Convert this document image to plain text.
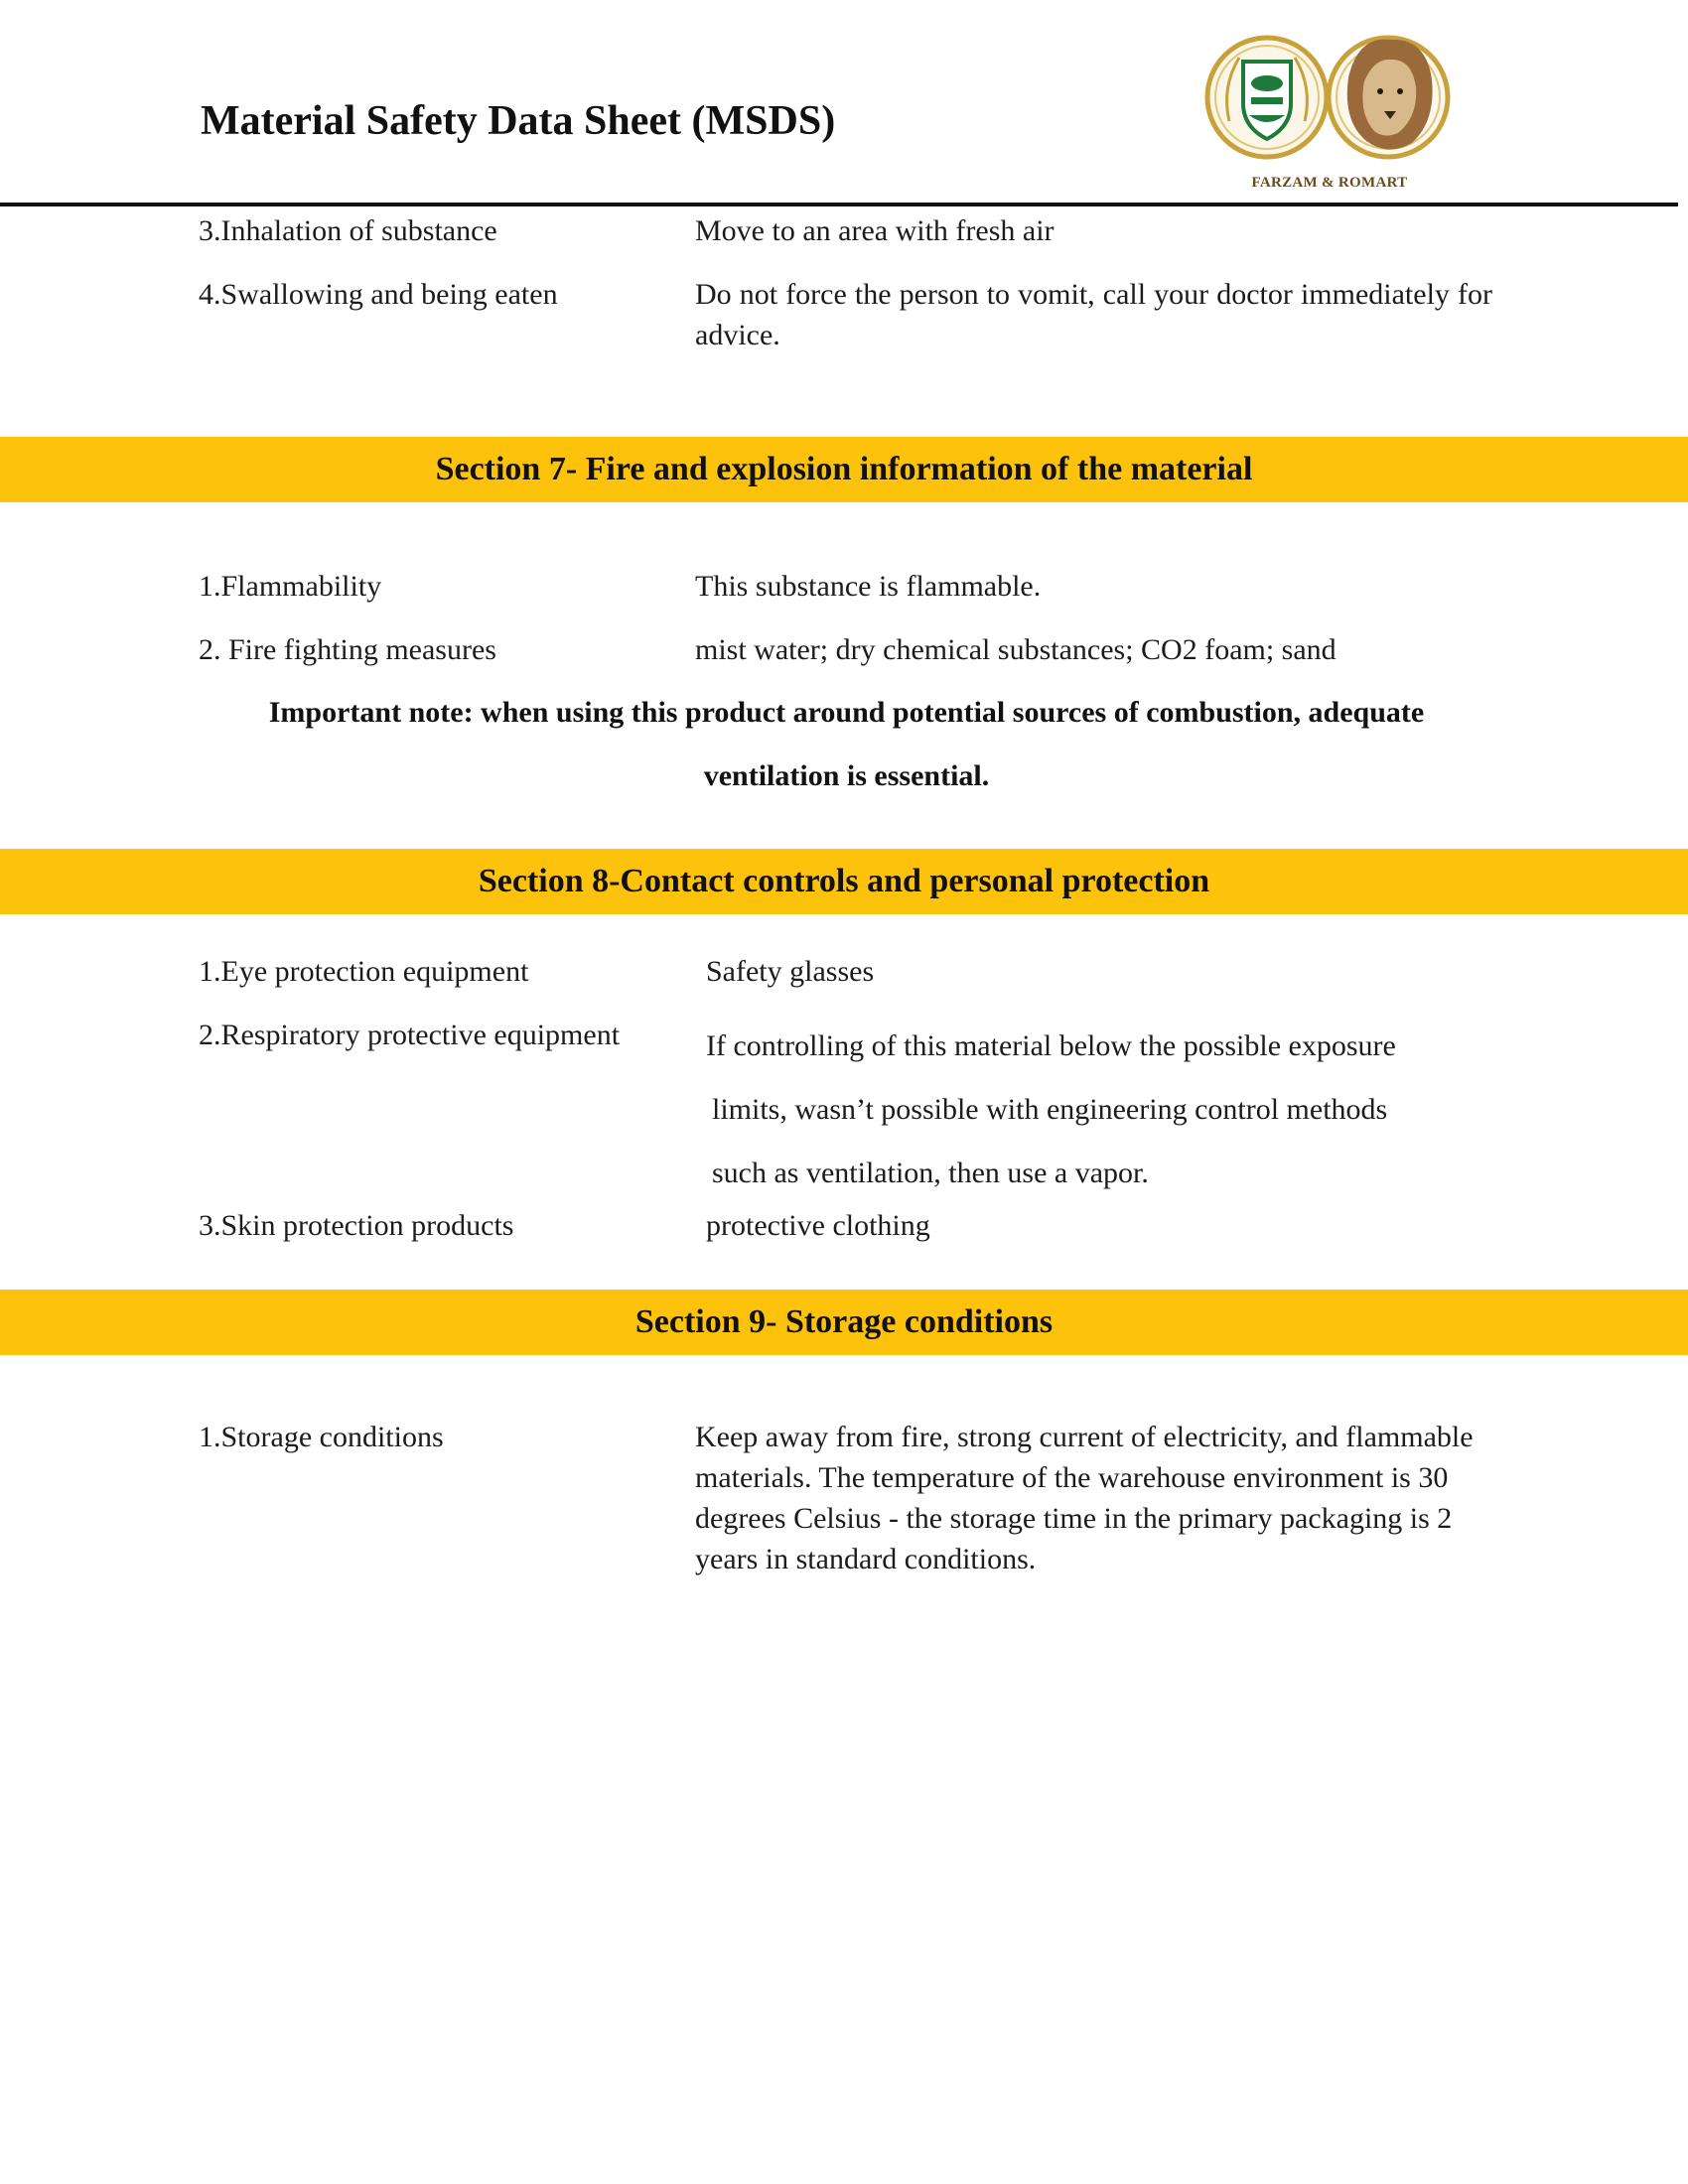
Material Safety Data Sheet (MSDS)
FARZAM & ROMART
3.Inhalation of substance	Move to an area with fresh air
4.Swallowing and being eaten	Do not force the person to vomit, call your doctor immediately for advice.
Section 7- Fire and explosion information of the material
1.Flammability	This substance is flammable.
2. Fire fighting measures	mist water; dry chemical substances; CO2 foam; sand
Important note: when using this product around potential sources of combustion, adequate
ventilation is essential.
Section 8-Contact controls and personal protection
1.Eye protection equipment	Safety glasses
2.Respiratory protective equipment	If controlling of this material below the possible exposure
limits, wasn’t possible with engineering control methods
such as ventilation, then use a vapor.
3.Skin protection products	protective clothing
Section 9- Storage conditions
1.Storage conditions	Keep away from fire, strong current of electricity, and flammable materials. The temperature of the warehouse environment is 30 degrees Celsius - the storage time in the primary packaging is 2 years in standard conditions.
